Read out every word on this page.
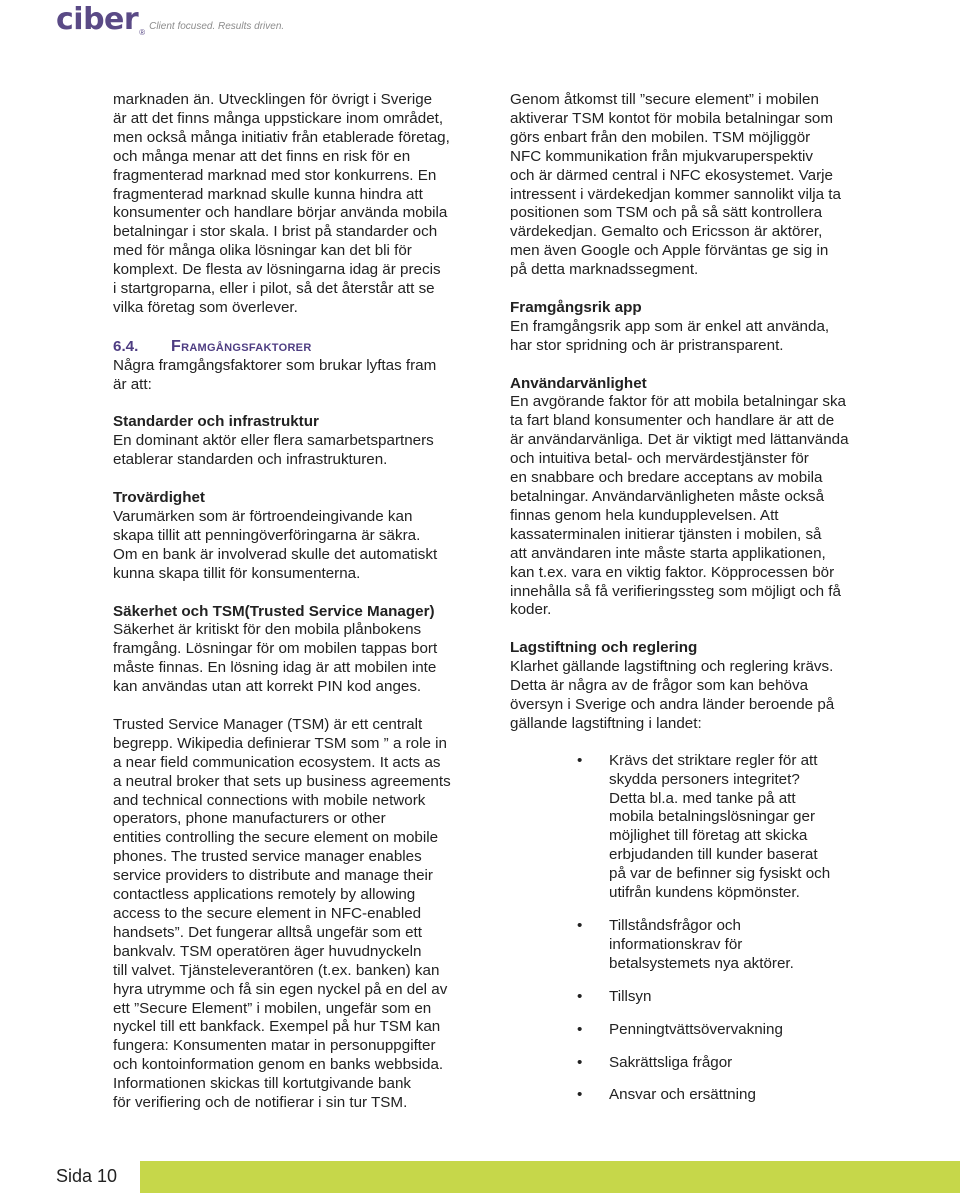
ciber ®
Client focused. Results driven.
marknaden än. Utvecklingen för övrigt i Sverige
är att det finns många uppstickare inom området,
men också många initiativ från etablerade företag,
och många menar att det finns en risk för en
fragmenterad marknad med stor konkurrens. En
fragmenterad marknad skulle kunna hindra att
konsumenter och handlare börjar använda mobila
betalningar i stor skala. I brist på standarder och
med för många olika lösningar kan det bli för
komplext. De flesta av lösningarna idag är precis
i startgroparna, eller i pilot, så det återstår att se
vilka företag som överlever.
6.4.	Framgångsfaktorer
Några framgångsfaktorer som brukar lyftas fram
är att:
Standarder och infrastruktur
En dominant aktör eller flera samarbetspartners
etablerar standarden och infrastrukturen.
Trovärdighet
Varumärken som är förtroendeingivande kan
skapa tillit att penningöverföringarna är säkra.
Om en bank är involverad skulle det automatiskt
kunna skapa tillit för konsumenterna.
Säkerhet och TSM(Trusted Service Manager)
Säkerhet är kritiskt för den mobila plånbokens
framgång. Lösningar för om mobilen tappas bort
måste finnas. En lösning idag är att mobilen inte
kan användas utan att korrekt PIN kod anges.
Trusted Service Manager (TSM) är ett centralt
begrepp. Wikipedia definierar TSM som ” a role in
a near field communication ecosystem. It acts as
a neutral broker that sets up business agreements
and technical connections with mobile network
operators, phone manufacturers or other
entities controlling the secure element on mobile
phones. The trusted service manager enables
service providers to distribute and manage their
contactless applications remotely by allowing
access to the secure element in NFC-enabled
handsets”. Det fungerar alltså ungefär som ett
bankvalv. TSM operatören äger huvudnyckeln
till valvet. Tjänsteleverantören (t.ex. banken) kan
hyra utrymme och få sin egen nyckel på en del av
ett ”Secure Element” i mobilen, ungefär som en
nyckel till ett bankfack. Exempel på hur TSM kan
fungera: Konsumenten matar in personuppgifter
och kontoinformation genom en banks webbsida.
Informationen skickas till kortutgivande bank
för verifiering och de notifierar i sin tur TSM.
Genom åtkomst till ”secure element” i mobilen
aktiverar TSM kontot för mobila betalningar som
görs enbart från den mobilen. TSM möjliggör
NFC kommunikation från mjukvaruperspektiv
och är därmed central i NFC ekosystemet. Varje
intressent i värdekedjan kommer sannolikt vilja ta
positionen som TSM och på så sätt kontrollera
värdekedjan. Gemalto och Ericsson är aktörer,
men även Google och Apple förväntas ge sig in
på detta marknadssegment.
Framgångsrik app
En framgångsrik app som är enkel att använda,
har stor spridning och är pristransparent.
Användarvänlighet
En avgörande faktor för att mobila betalningar ska
ta fart bland konsumenter och handlare är att de
är användarvänliga. Det är viktigt med lättanvända
och intuitiva betal- och mervärdestjänster för
en snabbare och bredare acceptans av mobila
betalningar. Användarvänligheten måste också
finnas genom hela kundupplevelsen. Att
kassaterminalen initierar tjänsten i mobilen, så
att användaren inte måste starta applikationen,
kan t.ex. vara en viktig faktor. Köpprocessen bör
innehålla så få verifieringssteg som möjligt och få
koder.
Lagstiftning och reglering
Klarhet gällande lagstiftning och reglering krävs.
Detta är några av de frågor som kan behöva
översyn i Sverige och andra länder beroende på
gällande lagstiftning i landet:
• Krävs det striktare regler för att
skydda personers integritet?
Detta bl.a. med tanke på att
mobila betalningslösningar ger
möjlighet till företag att skicka
erbjudanden till kunder baserat
på var de befinner sig fysiskt och
utifrån kundens köpmönster.
• Tillståndsfrågor och
informationskrav för
betalsystemets nya aktörer.
• Tillsyn
• Penningtvättsövervakning
• Sakrättsliga frågor
• Ansvar och ersättning
Sida 10
